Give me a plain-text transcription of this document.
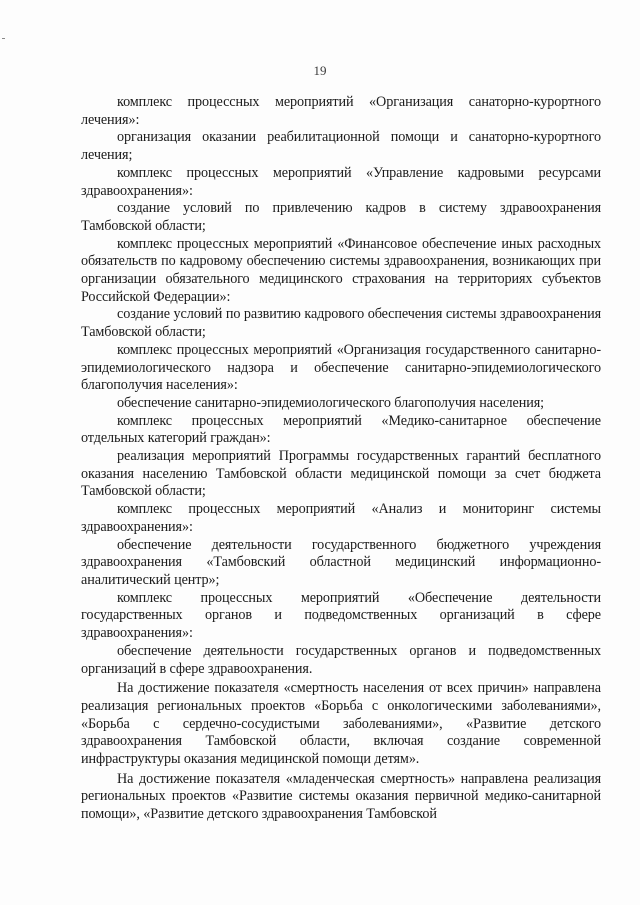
19

комплекс процессных мероприятий «Организация санаторно-курортного лечения»:

организация оказании реабилитационной помощи и санаторно-курортного лечения;

комплекс процессных мероприятий «Управление кадровыми ресурсами здравоохранения»:

создание условий по привлечению кадров в систему здравоохранения Тамбовской области;

комплекс процессных мероприятий «Финансовое обеспечение иных расходных обязательств по кадровому обеспечению системы здравоохранения, возникающих при организации обязательного медицинского страхования на территориях субъектов Российской Федерации»:

создание условий по развитию кадрового обеспечения системы здравоохранения Тамбовской области;

комплекс процессных мероприятий «Организация государственного санитарно-эпидемиологического надзора и обеспечение санитарно-эпидемиологического благополучия населения»:

обеспечение санитарно-эпидемиологического благополучия населения;

комплекс процессных мероприятий «Медико-санитарное обеспечение отдельных категорий граждан»:

реализация мероприятий Программы государственных гарантий бесплатного оказания населению Тамбовской области медицинской помощи за счет бюджета Тамбовской области;

комплекс процессных мероприятий «Анализ и мониторинг системы здравоохранения»:

обеспечение деятельности государственного бюджетного учреждения здравоохранения «Тамбовский областной медицинский информационно-аналитический центр»;

комплекс процессных мероприятий «Обеспечение деятельности государственных органов и подведомственных организаций в сфере здравоохранения»:

обеспечение деятельности государственных органов и подведомственных организаций в сфере здравоохранения.

На достижение показателя «смертность населения от всех причин» направлена реализация региональных проектов «Борьба с онкологическими заболеваниями», «Борьба с сердечно-сосудистыми заболеваниями», «Развитие детского здравоохранения Тамбовской области, включая создание современной инфраструктуры оказания медицинской помощи детям».

На достижение показателя «младенческая смертность» направлена реализация региональных проектов «Развитие системы оказания первичной медико-санитарной помощи», «Развитие детского здравоохранения Тамбовской
